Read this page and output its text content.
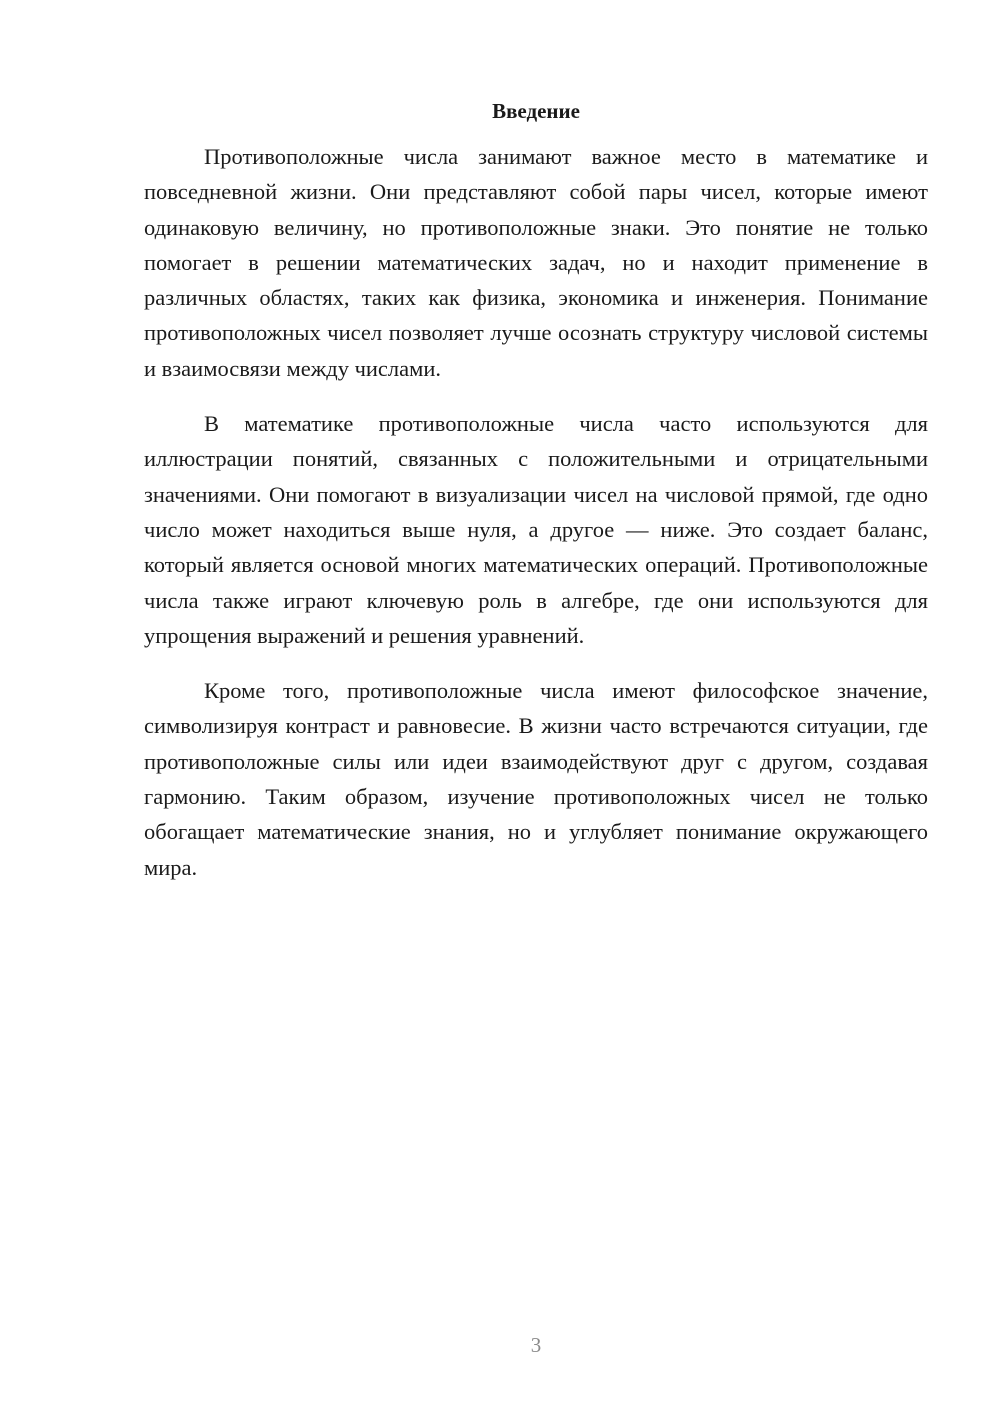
Введение

Противоположные числа занимают важное место в математике и повседневной жизни. Они представляют собой пары чисел, которые имеют одинаковую величину, но противоположные знаки. Это понятие не только помогает в решении математических задач, но и находит применение в различных областях, таких как физика, экономика и инженерия. Понимание противоположных чисел позволяет лучше осознать структуру числовой системы и взаимосвязи между числами.

В математике противоположные числа часто используются для иллюстрации понятий, связанных с положительными и отрицательными значениями. Они помогают в визуализации чисел на числовой прямой, где одно число может находиться выше нуля, а другое — ниже. Это создает баланс, который является основой многих математических операций. Противоположные числа также играют ключевую роль в алгебре, где они используются для упрощения выражений и решения уравнений.

Кроме того, противоположные числа имеют философское значение, символизируя контраст и равновесие. В жизни часто встречаются ситуации, где противоположные силы или идеи взаимодействуют друг с другом, создавая гармонию. Таким образом, изучение противоположных чисел не только обогащает математические знания, но и углубляет понимание окружающего мира.

3
